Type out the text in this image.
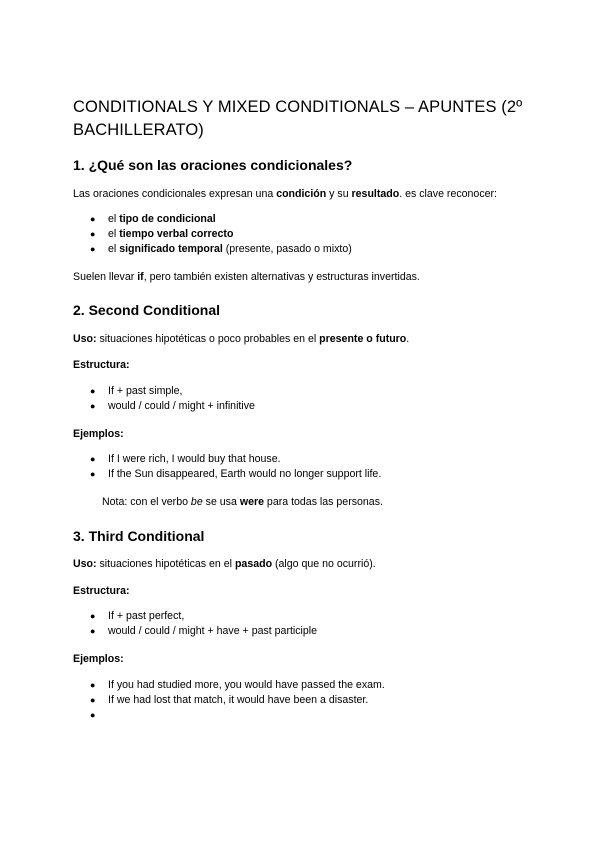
CONDITIONALS Y MIXED CONDITIONALS – APUNTES (2º BACHILLERATO)
1. ¿Qué son las oraciones condicionales?
Las oraciones condicionales expresan una condición y su resultado. es clave reconocer:
● el tipo de condicional
● el tiempo verbal correcto
● el significado temporal (presente, pasado o mixto)
Suelen llevar if, pero también existen alternativas y estructuras invertidas.
2. Second Conditional
Uso: situaciones hipotéticas o poco probables en el presente o futuro.
Estructura:
● If + past simple,
● would / could / might + infinitive
Ejemplos:
● If I were rich, I would buy that house.
● If the Sun disappeared, Earth would no longer support life.
Nota: con el verbo be se usa were para todas las personas.
3. Third Conditional
Uso: situaciones hipotéticas en el pasado (algo que no ocurrió).
Estructura:
● If + past perfect,
● would / could / might + have + past participle
Ejemplos:
● If you had studied more, you would have passed the exam.
● If we had lost that match, it would have been a disaster.
●
